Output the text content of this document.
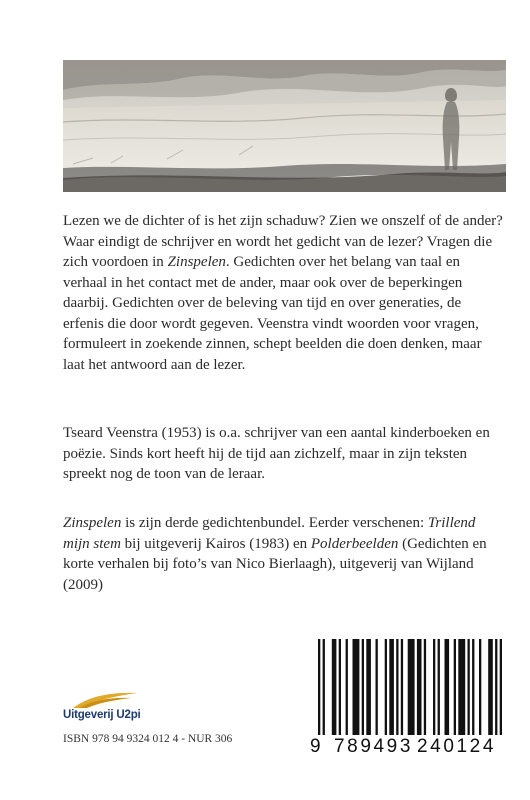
Lezen we de dichter of is het zijn schaduw? Zien we onszelf of de ander? Waar eindigt de schrijver en wordt het gedicht van de lezer? Vragen die zich voordoen in Zinspelen. Gedichten over het belang van taal en verhaal in het contact met de ander, maar ook over de beperkingen daarbij. Gedichten over de beleving van tijd en over generaties, de erfenis die door wordt gegeven. Veenstra vindt woorden voor vragen, formuleert in zoekende zinnen, schept beelden die doen denken, maar laat het antwoord aan de lezer.

Tseard Veenstra (1953) is o.a. schrijver van een aantal kinderboeken en poëzie. Sinds kort heeft hij de tijd aan zichzelf, maar in zijn teksten spreekt nog de toon van de leraar.

Zinspelen is zijn derde gedichtenbundel. Eerder verschenen: Trillend mijn stem bij uitgeverij Kairos (1983) en Polderbeelden (Gedichten en korte verhalen bij foto’s van Nico Bierlaagh), uitgeverij van Wijland (2009)

Uitgeverij U2pi
ISBN 978 94 9324 012 4 - NUR 306	9 789493 240124
